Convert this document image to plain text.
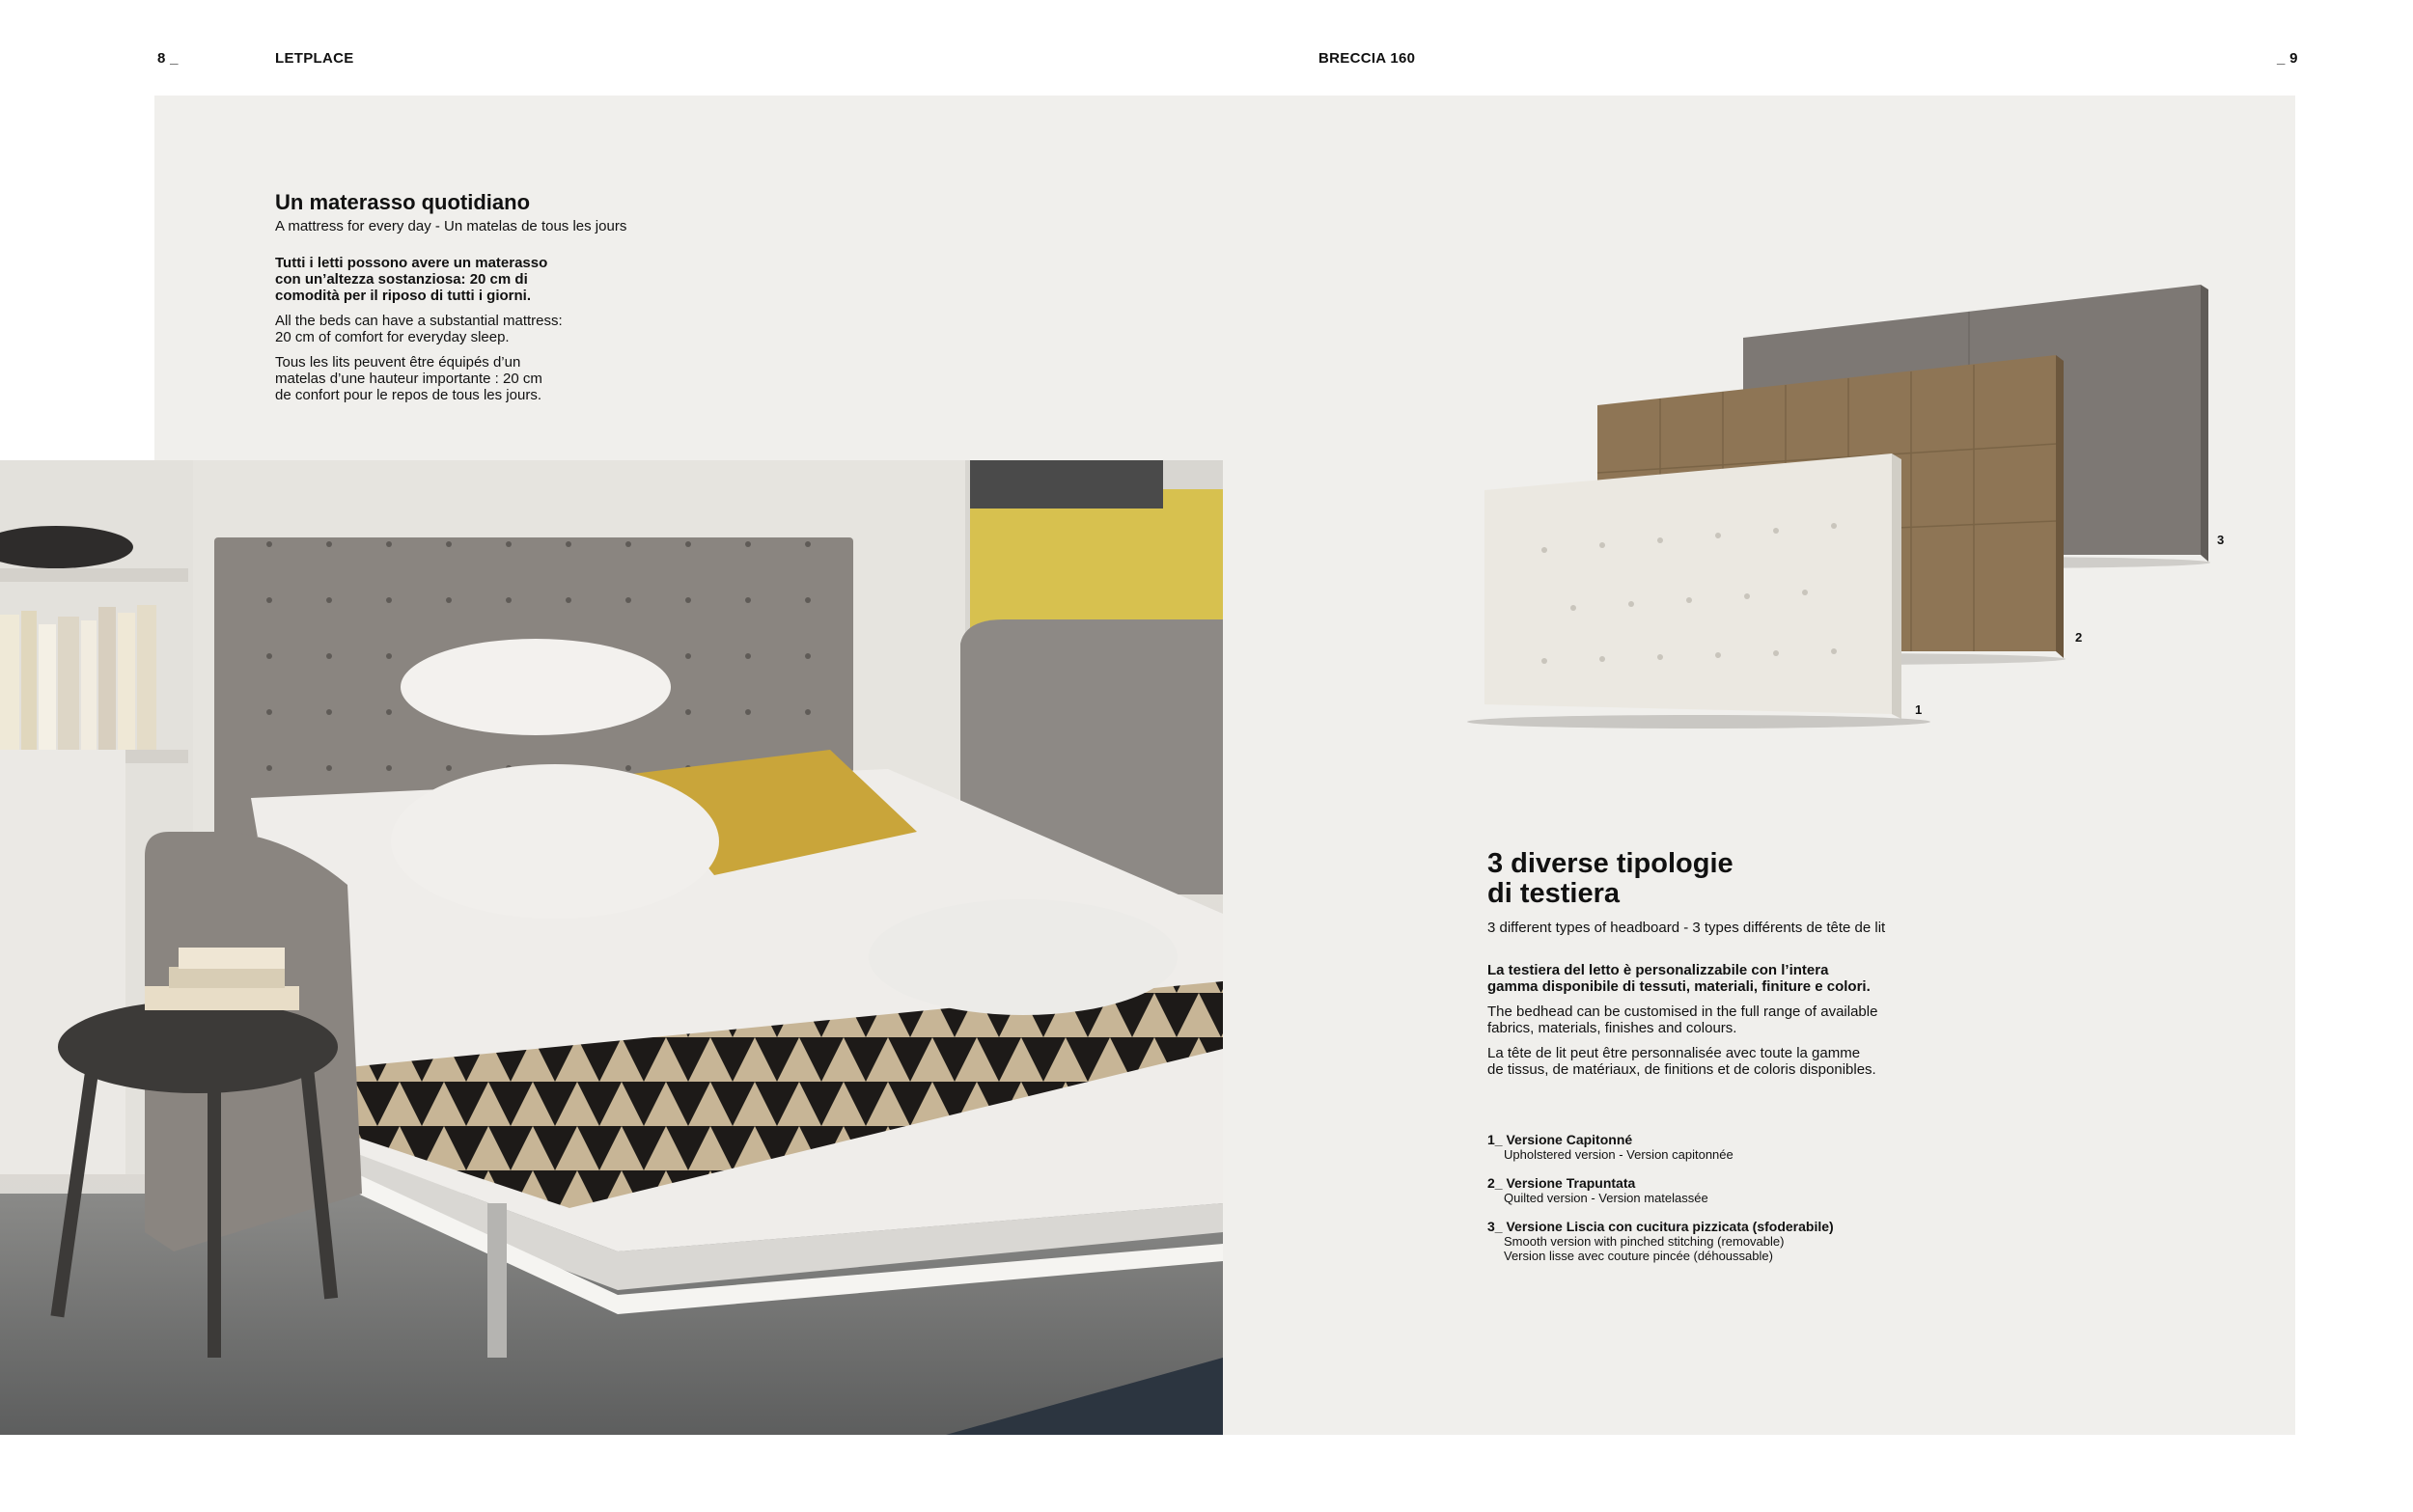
8 _	LETPLACE	BRECCIA 160	_ 9
Un materasso quotidiano

A mattress for every day - Un matelas de tous les jours

Tutti i letti possono avere un materasso
con un’altezza sostanziosa: 20 cm di
comodità per il riposo di tutti i giorni.
All the beds can have a substantial mattress:
20 cm of comfort for everyday sleep.
Tous les lits peuvent être équipés d’un
matelas d’une hauteur importante : 20 cm
de confort pour le repos de tous les jours.
1
2
3
3 diverse tipologie
di testiera

3 different types of headboard - 3 types différents de tête de lit

La testiera del letto è personalizzabile con l’intera
gamma disponibile di tessuti, materiali, finiture e colori.
The bedhead can be customised in the full range of available
fabrics, materials, finishes and colours.
La tête de lit peut être personnalisée avec toute la gamme
de tissus, de matériaux, de finitions et de coloris disponibles.
1_ Versione Capitonné
Upholstered version - Version capitonnée
2_ Versione Trapuntata
Quilted version - Version matelassée
3_ Versione Liscia con cucitura pizzicata (sfoderabile)
Smooth version with pinched stitching (removable)
Version lisse avec couture pincée (déhoussable)
